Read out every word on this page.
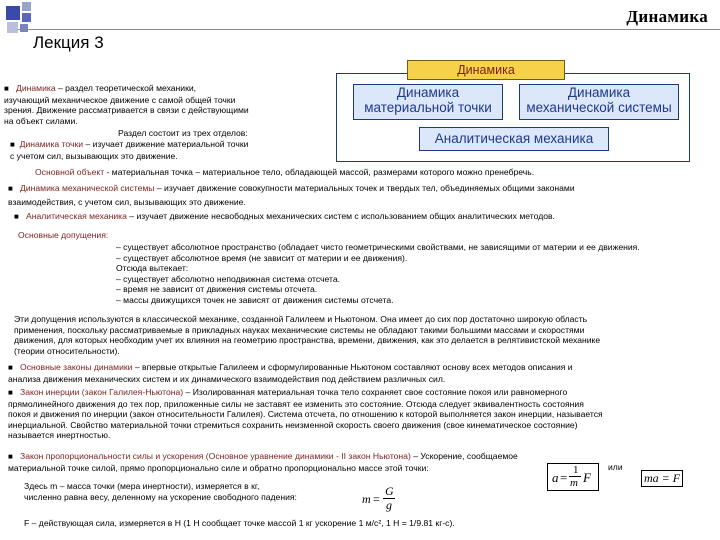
Динамика
Лекция 3
Динамика
Динамика
материальной точки
Динамика
механической системы
Аналитическая механика
■ Динамика – раздел теоретической механики,
изучающий механическое движение с самой общей точки
зрения. Движение рассматривается в связи с действующими
на объект силами.
Раздел состоит из трех отделов:
■ Динамика точки – изучает движение материальной точки
с учетом сил, вызывающих это движение.
Основной объект - материальная точка – материальное тело, обладающей массой, размерами которого можно пренебречь.
■ Динамика механической системы – изучает движение совокупности материальных точек и твердых тел, объединяемых общими законами
взаимодействия, с учетом сил, вызывающих это движение.
■ Аналитическая механика – изучает движение несвободных механических систем с использованием общих аналитических методов.
Основные допущения:
– существует абсолютное пространство (обладает чисто геометрическими свойствами, не зависящими от материи и ее движения.
– существует абсолютное время (не зависит от материи и ее движения).
Отсюда вытекает:
– существует абсолютно неподвижная система отсчета.
– время не зависит от движения системы отсчета.
– массы движущихся точек не зависят от движения системы отсчета.
Эти допущения используются в классической механике, созданной Галилеем и Ньютоном. Она имеет до сих пор достаточно широкую область
применения, поскольку рассматриваемые в прикладных науках механические системы не обладают такими большими массами и скоростями
движения, для которых необходим учет их влияния на геометрию пространства, времени, движения, как это делается в релятивистской механике
(теории относительности).
■ Основные законы динамики – впервые открытые Галилеем и сформулированные Ньютоном составляют основу всех методов описания и
анализа движения механических систем и их динамического взаимодействия под действием различных сил.
■ Закон инерции (закон Галилея-Ньютона) – Изолированная материальная точка тело сохраняет свое состояние покоя или равномерного
прямолинейного движения до тех пор, приложенные силы не заставят ее изменить это состояние. Отсюда следует эквивалентность состояния
покоя и движения по инерции (закон относительности Галилея). Система отсчета, по отношению к которой выполняется закон инерции, называется
инерциальной. Свойство материальной точки стремиться сохранить неизменной скорость своего движения (свое кинематическое состояние)
называется инертностью.
■ Закон пропорциональности силы и ускорения (Основное уравнение динамики - II закон Ньютона) – Ускорение, сообщаемое
материальной точке силой, прямо пропорционально силе и обратно пропорционально массе этой точки:	или
a = 1
m F	ma = F
Здесь m – масса точки (мера инертности), измеряется в кг,
численно равна весу, деленному на ускорение свободного падения:	m =
G
g
F – действующая сила, измеряется в Н (1 Н сообщает точке массой 1 кг ускорение 1 м/с², 1 Н = 1/9.81 кг-с).
